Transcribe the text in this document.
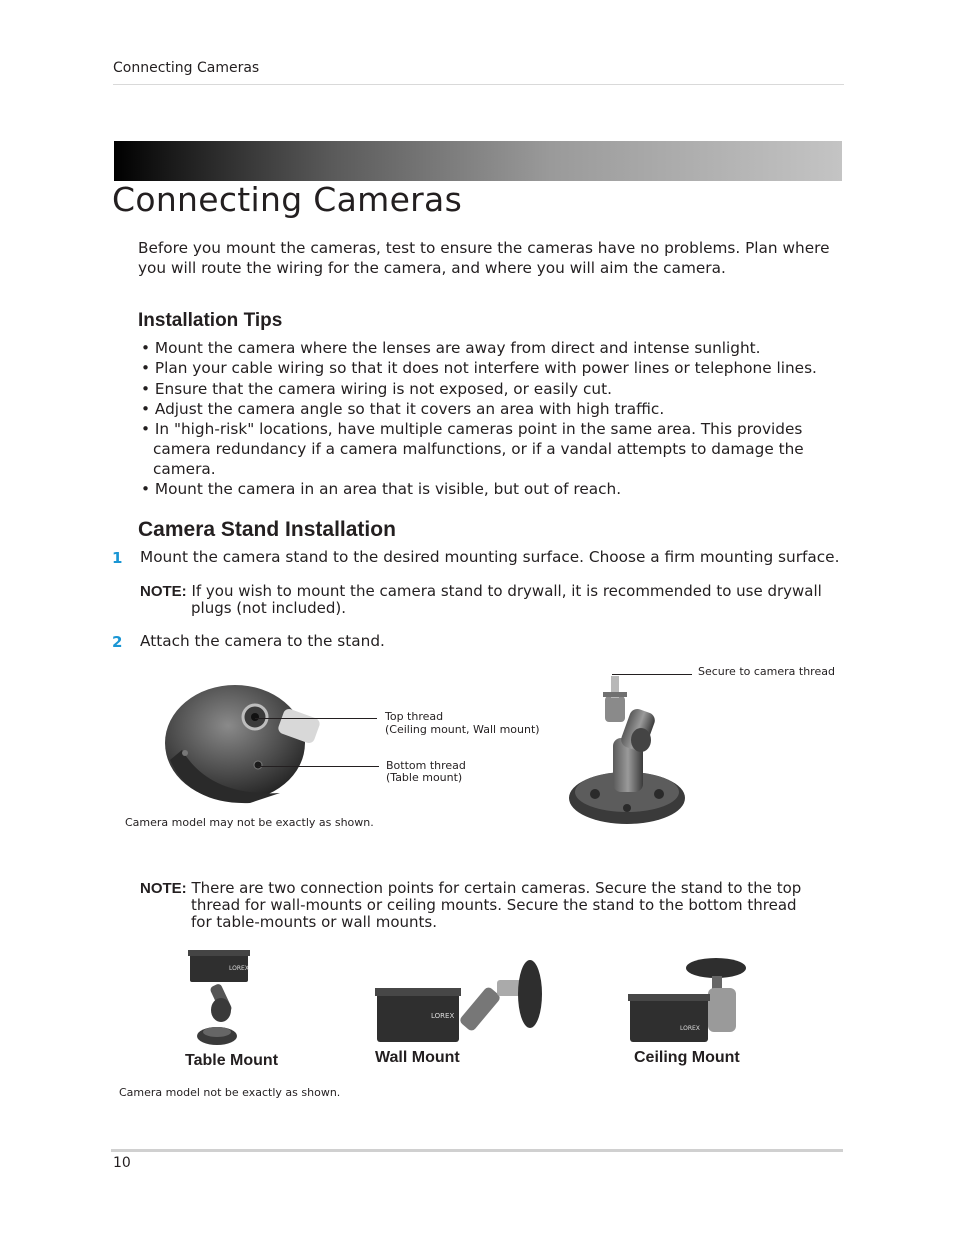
Connecting Cameras
Connecting Cameras

Before you mount the cameras, test to ensure the cameras have no problems. Plan where you will route the wiring for the camera, and where you will aim the camera.

Installation Tips
• Mount the camera where the lenses are away from direct and intense sunlight.
• Plan your cable wiring so that it does not interfere with power lines or telephone lines.
• Ensure that the camera wiring is not exposed, or easily cut.
• Adjust the camera angle so that it covers an area with high traffic.
• In "high-risk" locations, have multiple cameras point in the same area. This provides camera redundancy if a camera malfunctions, or if a vandal attempts to damage the camera.
• Mount the camera in an area that is visible, but out of reach.
Camera Stand Installation
1 Mount the camera stand to the desired mounting surface. Choose a firm mounting surface.
NOTE: If you wish to mount the camera stand to drywall, it is recommended to use drywall
plugs (not included).
2 Attach the camera to the stand.
Top thread
(Ceiling mount, Wall mount)
Bottom thread
(Table mount)
Camera model may not be exactly as shown.
Secure to camera thread
NOTE: There are two connection points for certain cameras. Secure the stand to the top
thread for wall-mounts or ceiling mounts. Secure the stand to the bottom thread
for table-mounts or wall mounts.
LOREX
Table Mount
LOREX
Wall Mount
LOREX
Ceiling Mount
Camera model not be exactly as shown.
10
